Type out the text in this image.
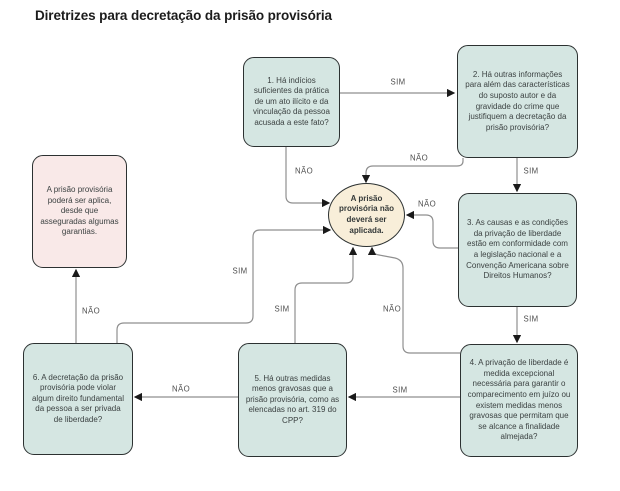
Diretrizes para decretação da prisão provisória
1. Há indícios suficientes da prática de um ato ilícito e da vinculação da pessoa acusada a este fato?
2. Há outras informações para além das características do suposto autor e da gravidade do crime que justifiquem a decretação da prisão provisória?
3. As causas e as condições da privação de liberdade estão em conformidade com a legislação nacional e a Convenção Americana sobre Direitos Humanos?
4. A privação de liberdade é medida excepcional necessária para garantir o comparecimento em juízo ou existem medidas menos gravosas que permitam que se alcance a finalidade almejada?
5. Há outras medidas menos gravosas que a prisão provisória, como as elencadas no art. 319 do CPP?
6. A decretação da prisão provisória pode violar algum direito fundamental da pessoa a ser privada de liberdade?
A prisão provisória poderá ser aplica, desde que asseguradas algumas garantias.
A prisão provisória não deverá ser aplicada.
SIM
NÃO
NÃO
SIM
NÃO
SIM
NÃO
SIM
SIM
NÃO
SIM
NÃO
